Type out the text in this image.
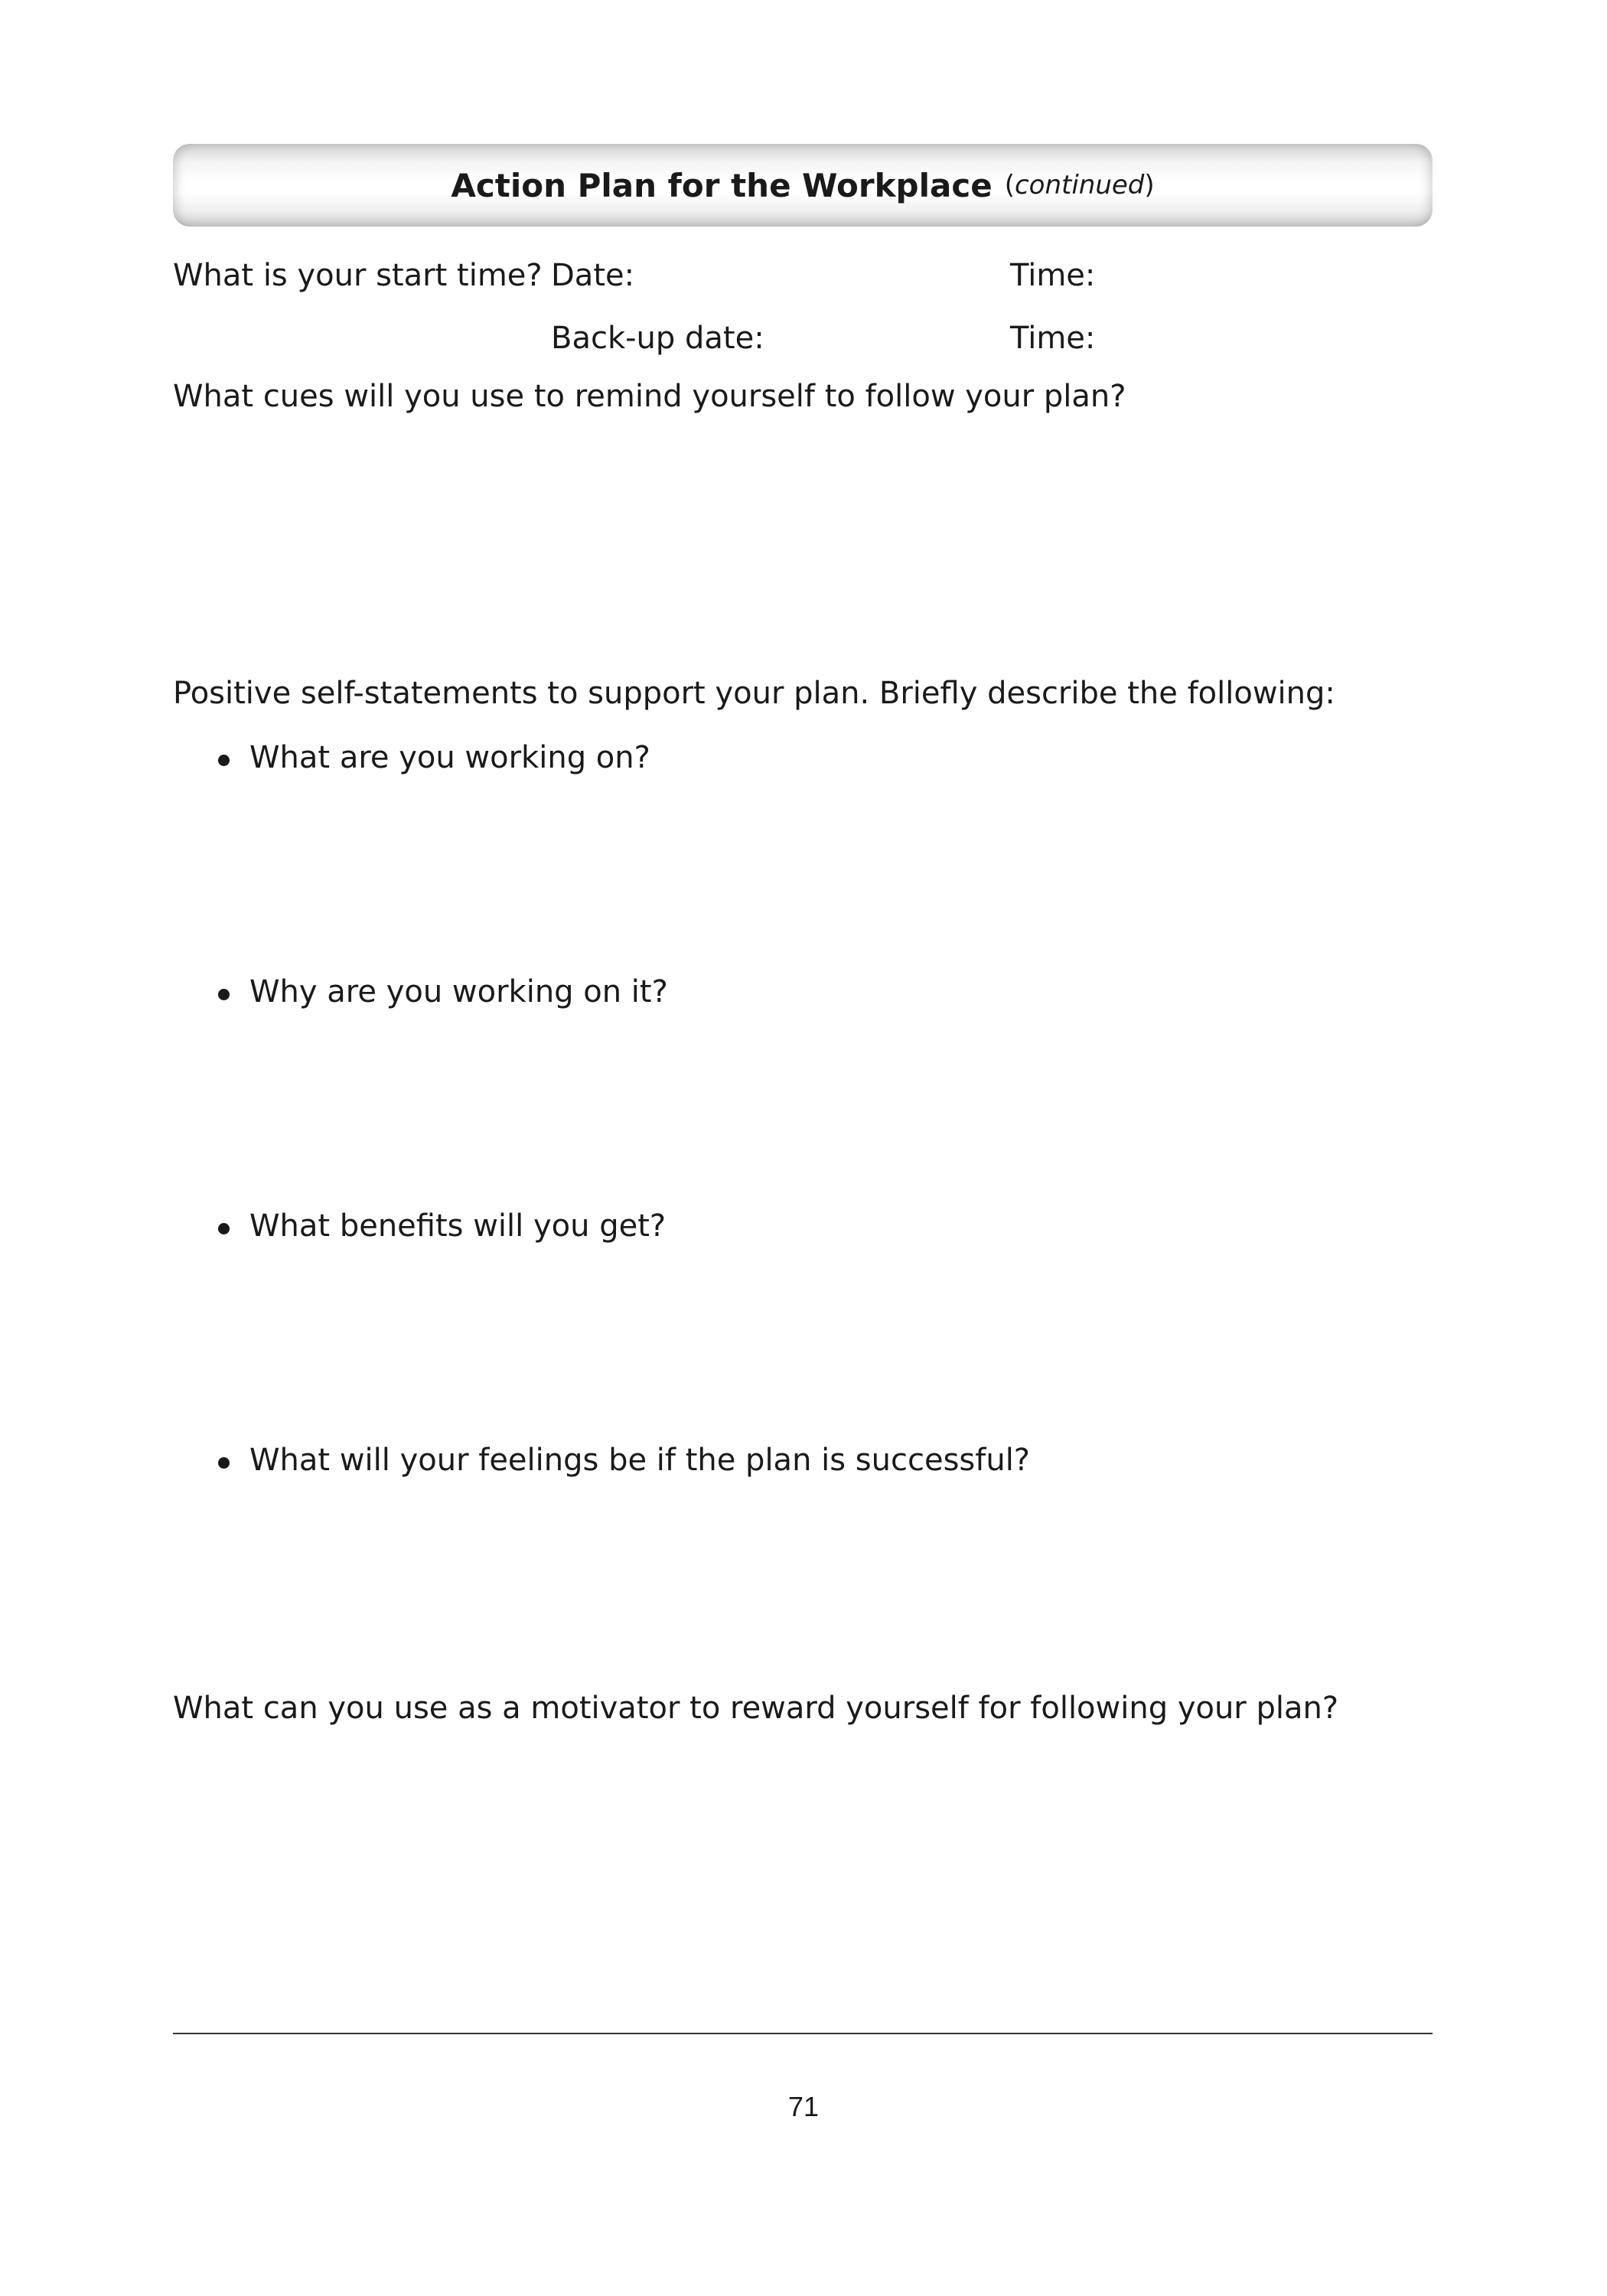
Action Plan for the Workplace (continued)
What is your start time? Date:	Time:
Back-up date:	Time:
What cues will you use to remind yourself to follow your plan?
Positive self-statements to support your plan. Briefly describe the following:
What are you working on?
Why are you working on it?
What benefits will you get?
What will your feelings be if the plan is successful?
What can you use as a motivator to reward yourself for following your plan?
71
